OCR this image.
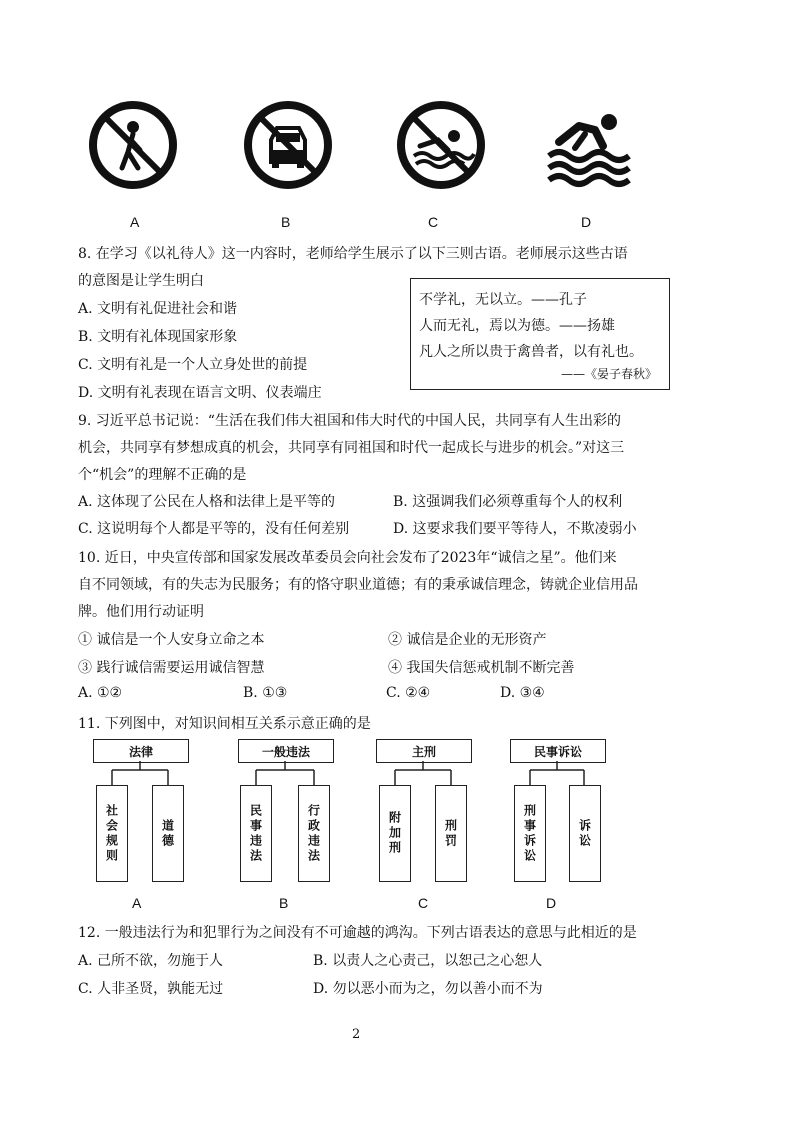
A	B	C	D
8. 在学习《以礼待人》这一内容时，老师给学生展示了以下三则古语。老师展示这些古语
的意图是让学生明白
A. 文明有礼促进社会和谐
B. 文明有礼体现国家形象
C. 文明有礼是一个人立身处世的前提
D. 文明有礼表现在语言文明、仪表端庄
不学礼，无以立。——孔子
人而无礼，焉以为德。——扬雄
凡人之所以贵于禽兽者，以有礼也。
——《晏子春秋》
9. 习近平总书记说：“生活在我们伟大祖国和伟大时代的中国人民，共同享有人生出彩的
机会，共同享有梦想成真的机会，共同享有同祖国和时代一起成长与进步的机会。”对这三
个“机会”的理解不正确的是
A. 这体现了公民在人格和法律上是平等的	B. 这强调我们必须尊重每个人的权利
C. 这说明每个人都是平等的，没有任何差别	D. 这要求我们要平等待人，不欺凌弱小
10. 近日，中央宣传部和国家发展改革委员会向社会发布了2023年“诚信之星”。他们来
自不同领域，有的失志为民服务；有的恪守职业道德；有的秉承诚信理念，铸就企业信用品
牌。他们用行动证明
① 诚信是一个人安身立命之本	② 诚信是企业的无形资产
③ 践行诚信需要运用诚信智慧	④ 我国失信惩戒机制不断完善
A. ①②	B. ①③	C. ②④	D. ③④
11. 下列图中，对知识间相互关系示意正确的是
法律
社会规则	道德
A
一般违法
民事违法	行政违法
B
主刑
附加刑	刑罚
C
民事诉讼
刑事诉讼	诉讼
D
12. 一般违法行为和犯罪行为之间没有不可逾越的鸿沟。下列古语表达的意思与此相近的是
A. 己所不欲，勿施于人	B. 以责人之心责己，以恕己之心恕人
C. 人非圣贤，孰能无过	D. 勿以恶小而为之，勿以善小而不为
2
